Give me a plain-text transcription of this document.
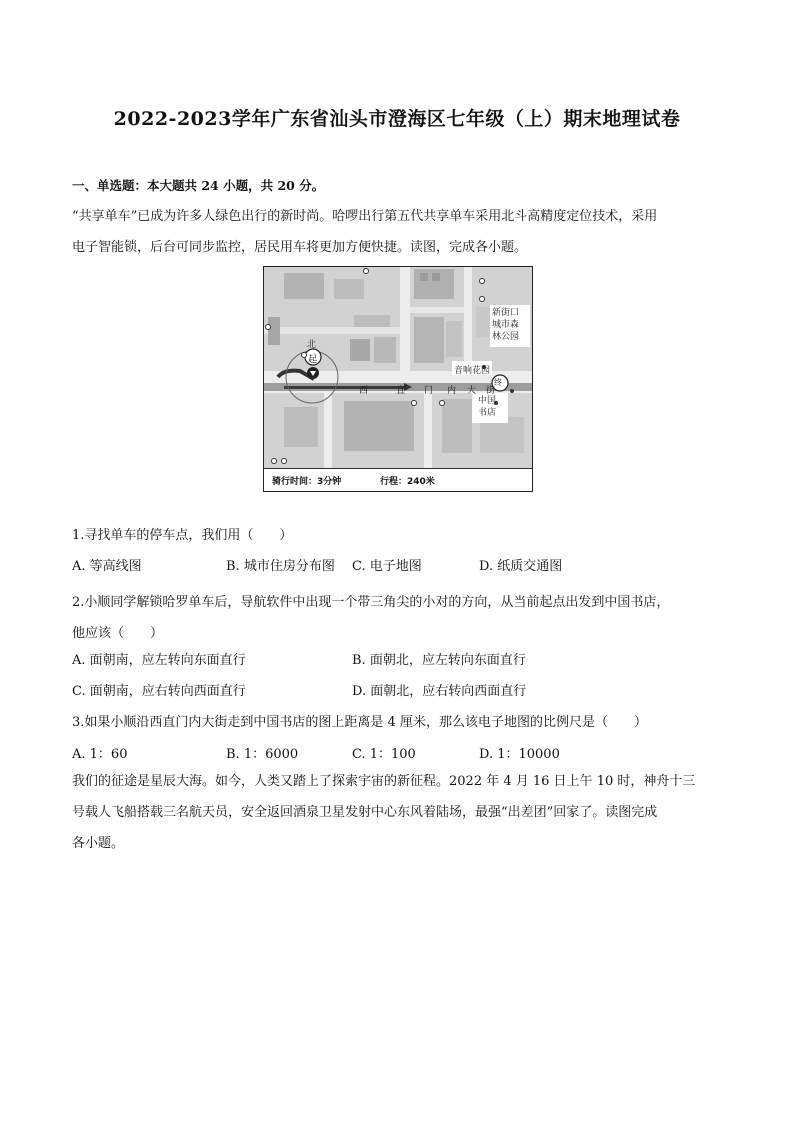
2022-2023学年广东省汕头市澄海区七年级（上）期末地理试卷
一、单选题：本大题共 24 小题，共 20 分。
“共享单车”已成为许多人绿色出行的新时尚。哈啰出行第五代共享单车采用北斗高精度定位技术，采用
电子智能锁，后台可同步监控，居民用车将更加方便快捷。读图，完成各小题。
北
起
终
西	直 门 内 大 街
音响花园
新街口
城市森
林公园
中国
书店
骑行时间：3分钟	行程：240米
1.寻找单车的停车点，我们用（　　）
A. 等高线图	B. 城市住房分布图 C. 电子地图	D. 纸质交通图
2.小顺同学解锁哈罗单车后，导航软件中出现一个带三角尖的小对的方向，从当前起点出发到中国书店，
他应该（　　）
A. 面朝南，应左转向东面直行	B. 面朝北，应左转向东面直行
C. 面朝南，应右转向西面直行	D. 面朝北，应右转向西面直行
3.如果小顺沿西直门内大街走到中国书店的图上距离是 4 厘米，那么该电子地图的比例尺是（　　）
A. 1：60	B. 1：6000	C. 1：100	D. 1：10000
我们的征途是星辰大海。如今，人类又踏上了探索宇宙的新征程。2022 年 4 月 16 日上午 10 时，神舟十三
号载人飞船搭载三名航天员，安全返回酒泉卫星发射中心东风着陆场，最强“出差团”回家了。读图完成
各小题。
